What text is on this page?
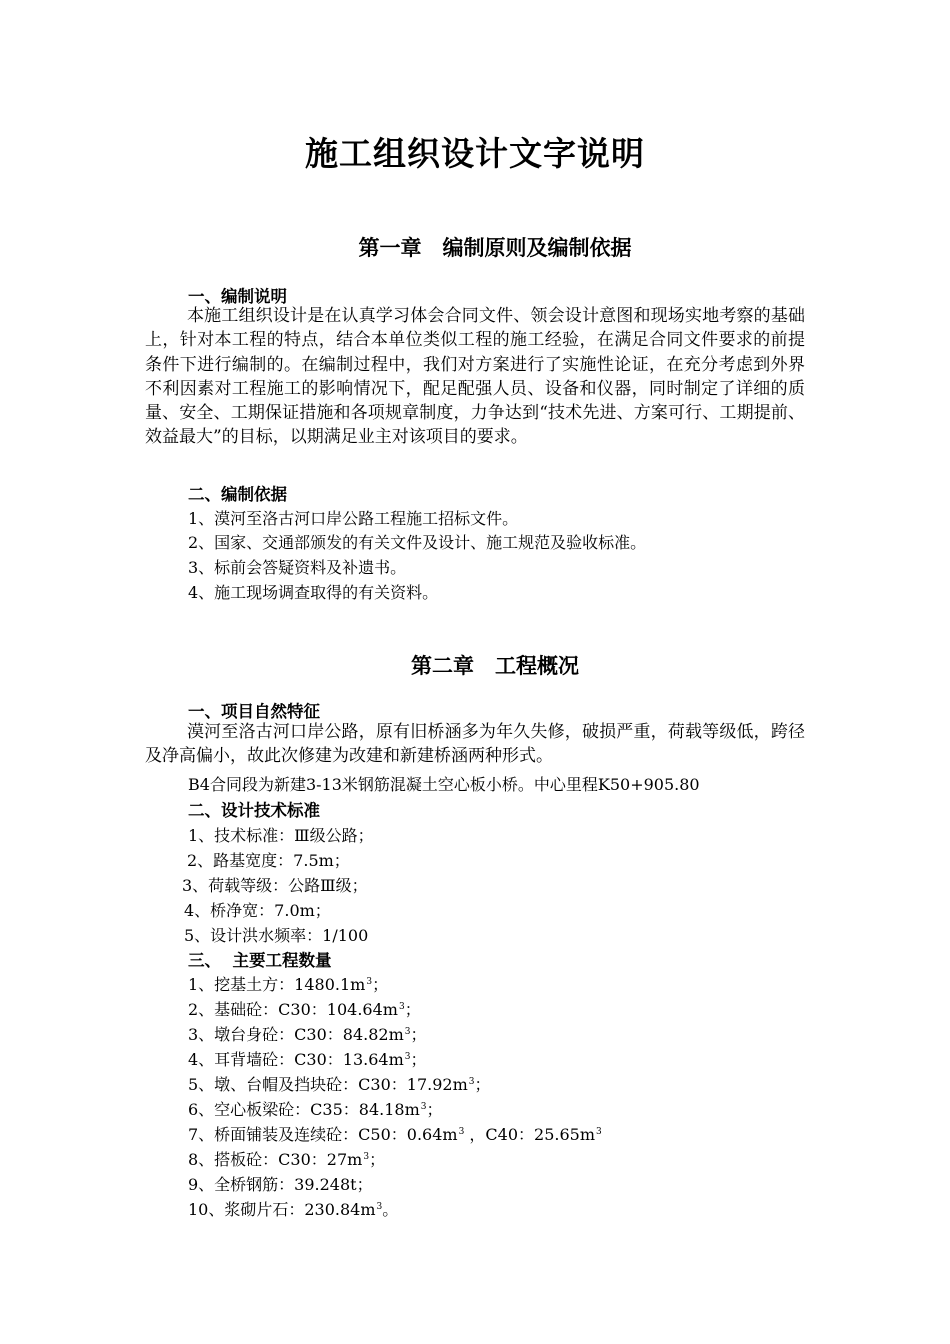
施工组织设计文字说明
第一章　编制原则及编制依据
一、编制说明

本施工组织设计是在认真学习体会合同文件、领会设计意图和现场实地考察的基础上，针对本工程的特点，结合本单位类似工程的施工经验，在满足合同文件要求的前提条件下进行编制的。在编制过程中，我们对方案进行了实施性论证，在充分考虑到外界不利因素对工程施工的影响情况下，配足配强人员、设备和仪器，同时制定了详细的质量、安全、工期保证措施和各项规章制度，力争达到“技术先进、方案可行、工期提前、效益最大”的目标，以期满足业主对该项目的要求。

二、编制依据
1、漠河至洛古河口岸公路工程施工招标文件。
2、国家、交通部颁发的有关文件及设计、施工规范及验收标准。
3、标前会答疑资料及补遗书。
4、施工现场调查取得的有关资料。
第二章　工程概况
一、项目自然特征

漠河至洛古河口岸公路，原有旧桥涵多为年久失修，破损严重，荷载等级低，跨径及净高偏小，故此次修建为改建和新建桥涵两种形式。

B4合同段为新建3-13米钢筋混凝土空心板小桥。中心里程K50+905.80
二、设计技术标准
1、技术标准：Ⅲ级公路；
2、路基宽度：7.5m；
3、荷载等级：公路Ⅲ级；
4、桥净宽：7.0m；
5、设计洪水频率：1/100
三、  主要工程数量
1、挖基土方：$1480.1m^3$；
2、基础砼：C30：$104.64m^3$；
3、墩台身砼：C30：$84.82m^3$；
4、耳背墙砼：C30：$13.64m^3$；
5、墩、台帽及挡块砼：C30：$17.92m^3$；
6、空心板梁砼：C35：$84.18m^3$；
7、桥面铺装及连续砼：C50：$0.64m^3$ ，C40：$25.65m^3$
8、搭板砼：C30：$27m^3$；
9、全桥钢筋：39.248t；
10、浆砌片石：$230.84m^3$。
